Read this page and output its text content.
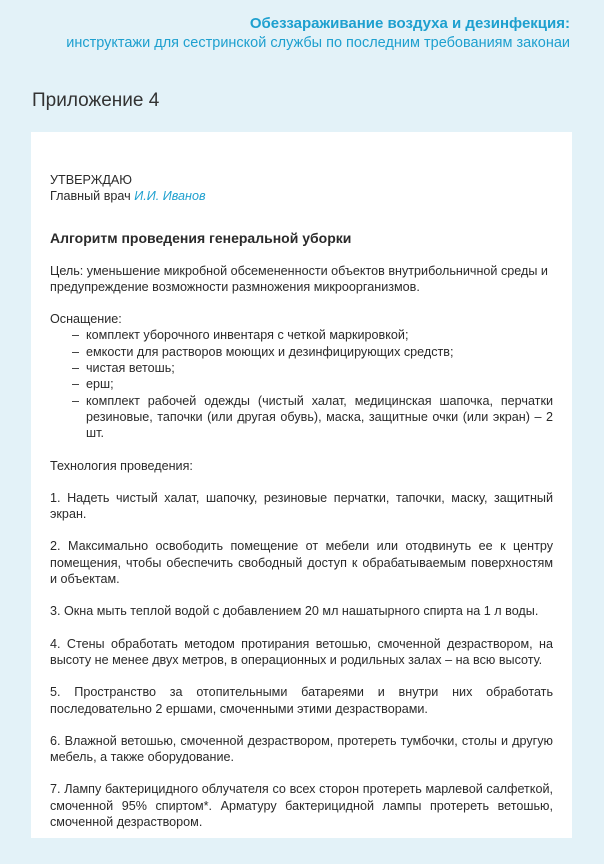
Обеззараживание воздуха и дезинфекция:
инструктажи для сестринской службы по последним требованиям законаи
Приложение 4
УТВЕРЖДАЮ
Главный врач И.И. Иванов
Алгоритм проведения генеральной уборки

Цель: уменьшение микробной обсемененности объектов внутрибольничной среды и предупреждение возможности размножения микроорганизмов.

Оснащение:

– комплект уборочного инвентаря с четкой маркировкой;
– емкости для растворов моющих и дезинфицирующих средств;
– чистая ветошь;
– ерш;
– комплект рабочей одежды (чистый халат, медицинская шапочка, перчатки резиновые, тапочки (или другая обувь), маска, защитные очки (или экран) – 2 шт.

Технология проведения:

1. Надеть чистый халат, шапочку, резиновые перчатки, тапочки, маску, защитный экран.

2. Максимально освободить помещение от мебели или отодвинуть ее к центру помещения, чтобы обеспечить свободный доступ к обрабатываемым поверхностям и объектам.

3. Окна мыть теплой водой с добавлением 20 мл нашатырного спирта на 1 л воды.

4. Стены обработать методом протирания ветошью, смоченной дезраствором, на высоту не менее двух метров, в операционных и родильных залах – на всю высоту.

5. Пространство за отопительными батареями и внутри них обработать последовательно 2 ершами, смоченными этими дезрастворами.

6. Влажной ветошью, смоченной дезраствором, протереть тумбочки, столы и другую мебель, а также оборудование.

7. Лампу бактерицидного облучателя со всех сторон протереть марлевой салфеткой, смоченной 95% спиртом*. Арматуру бактерицидной лампы протереть ветошью, смоченной дезраствором.
